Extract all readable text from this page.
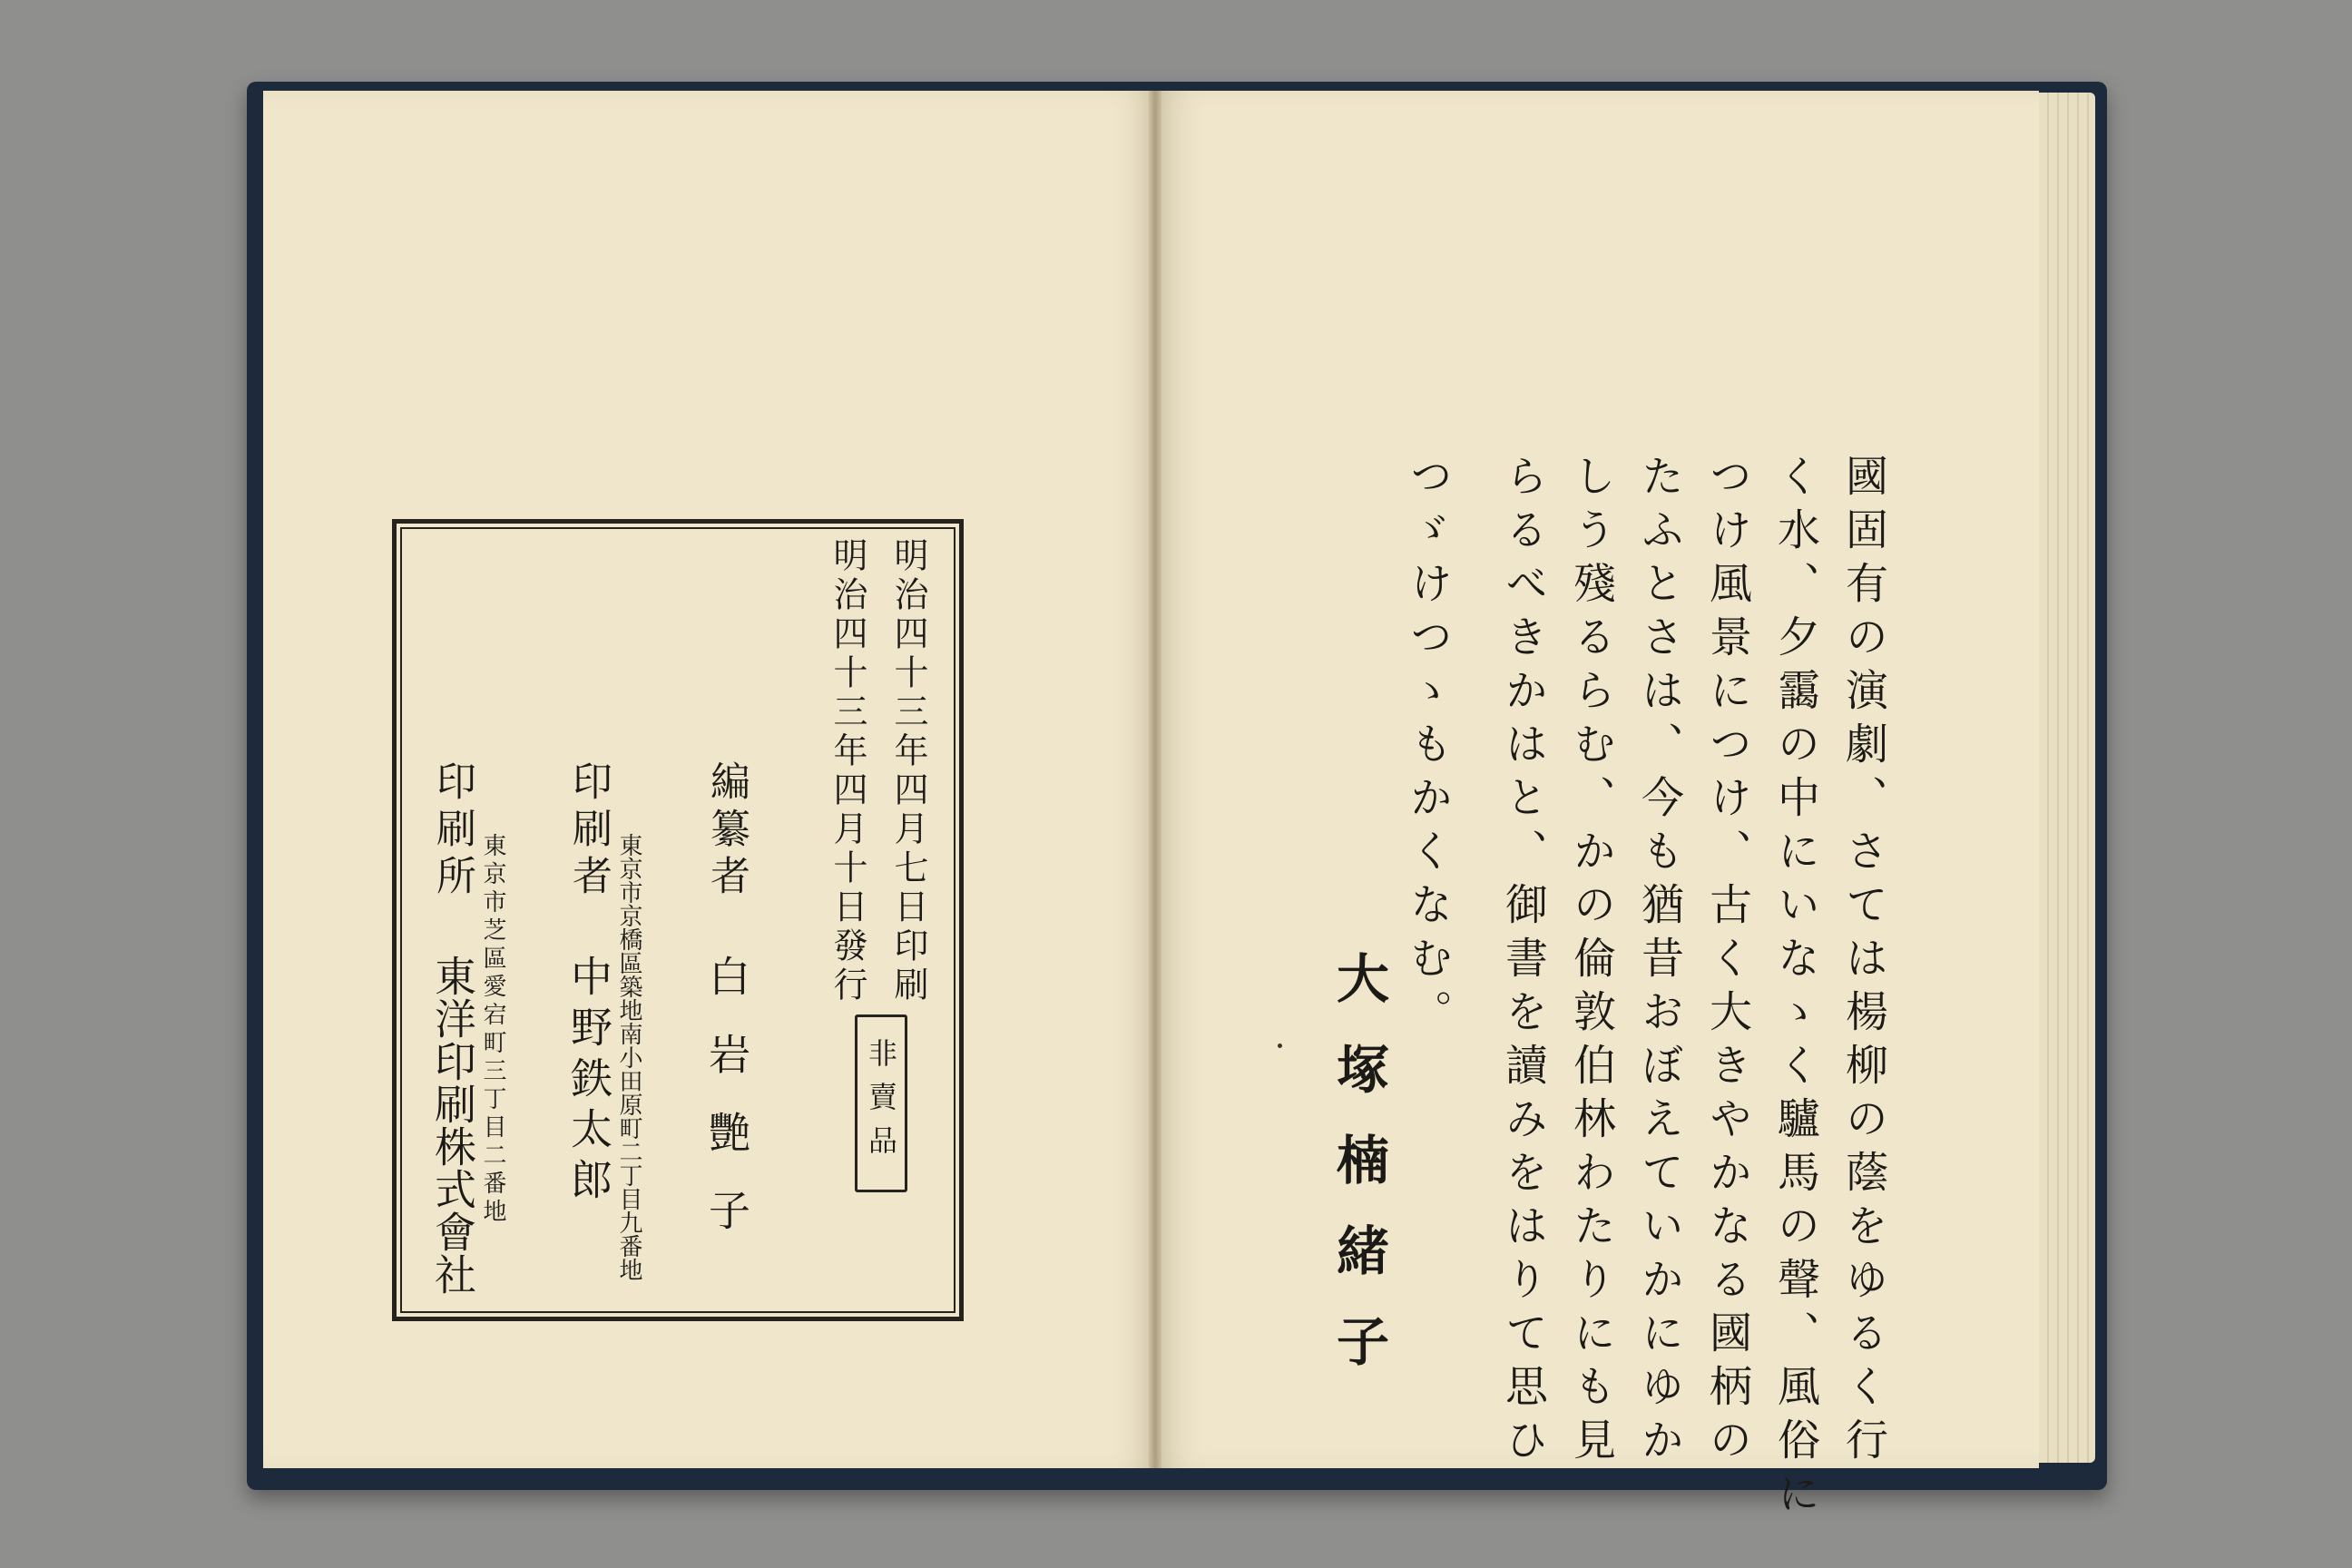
明治四十三年四月七日印刷
明治四十三年四月十日發行
非賣品
編纂者
白岩艷子
東京市京橋區築地南小田原町二丁目九番地
印刷者
中野鉄太郎
東京市芝區愛宕町三丁目二番地
印刷所
東洋印刷株式會社	國固有の演劇、さては楊柳の蔭をゆるく行
く水、夕靄の中にいなゝく驢馬の聲、風俗に
つけ風景につけ、古く大きやかなる國柄の
たふとさは、今も猶昔おぼえていかにゆか
しう殘るらむ、かの倫敦伯林わたりにも見
らるべきかはと、御書を讀みをはりて思ひ
つゞけつゝもかくなむ。
大塚楠緒子
